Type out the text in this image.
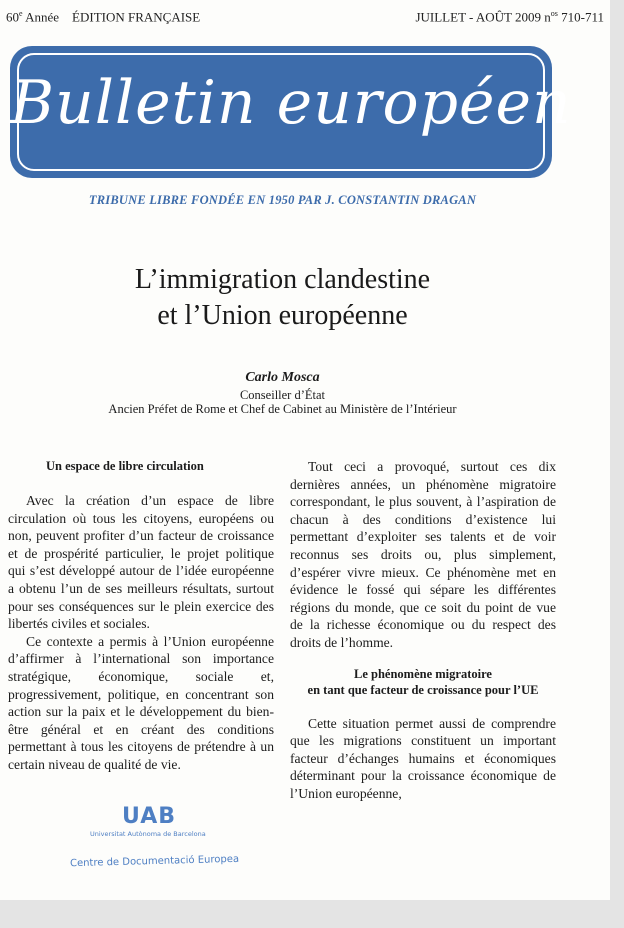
60e Année ÉDITION FRANÇAISE	JUILLET - AOÛT 2009 $n^{os}$ 710-711
Bulletin européen
TRIBUNE LIBRE FONDÉE EN 1950 PAR J. CONSTANTIN DRAGAN
L’immigration clandestine
et l’Union européenne
Carlo Mosca
Conseiller d’État
Ancien Préfet de Rome et Chef de Cabinet au Ministère de l’Intérieur
Un espace de libre circulation

Avec la création d’un espace de libre circulation où tous les citoyens, européens ou non, peuvent profiter d’un facteur de croissance et de prospérité particulier, le projet politique qui s’est développé autour de l’idée européenne a obtenu l’un de ses meilleurs résultats, surtout pour ses conséquences sur le plein exercice des libertés civiles et sociales.

Ce contexte a permis à l’Union européenne d’affirmer à l’international son importance stratégique, économique, sociale et, progressivement, politique, en concentrant son action sur la paix et le développement du bien-être général et en créant des conditions permettant à tous les citoyens de prétendre à un certain niveau de qualité de vie.

Tout ceci a provoqué, surtout ces dix dernières années, un phénomène migratoire correspondant, le plus souvent, à l’aspiration de chacun à des conditions d’existence lui permettant d’exploiter ses talents et de voir reconnus ses droits ou, plus simplement, d’espérer vivre mieux. Ce phénomène met en évidence le fossé qui sépare les différentes régions du monde, que ce soit du point de vue de la richesse économique ou du respect des droits de l’homme.

Le phénomène migratoire
en tant que facteur de croissance pour l’UE

Cette situation permet aussi de comprendre que les migrations constituent un important facteur d’échanges humains et économiques déterminant pour la croissance économique de l’Union européenne,

UAB
Universitat Autònoma de Barcelona
Centre de Documentació Europea
